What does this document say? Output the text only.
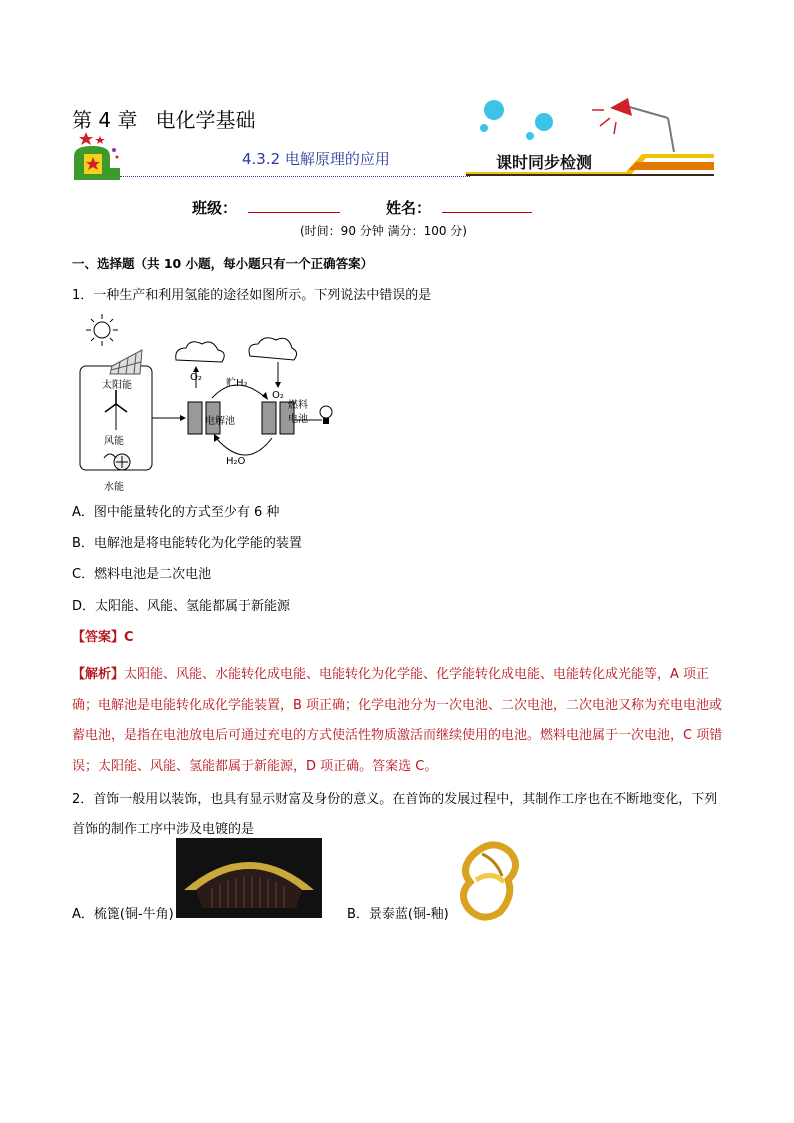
第 4 章 电化学基础
4.3.2 电解原理的应用	课时同步检测
班级：	姓名：
(时间：90 分钟 满分：100 分)
一、选择题（共 10 小题，每小题只有一个正确答案）
1．一种生产和利用氢能的途径如图所示。下列说法中错误的是
太阳能
风能
水能
电解池
燃料
电池
O₂
贮H₂
O₂
H₂O
A．图中能量转化的方式至少有 6 种
B．电解池是将电能转化为化学能的装置
C．燃料电池是二次电池
D．太阳能、风能、氢能都属于新能源
【答案】C
【解析】太阳能、风能、水能转化成电能、电能转化为化学能、化学能转化成电能、电能转化成光能等，A 项正确；电解池是电能转化成化学能装置，B 项正确；化学电池分为一次电池、二次电池，二次电池又称为充电电池或蓄电池，是指在电池放电后可通过充电的方式使活性物质激活而继续使用的电池。燃料电池属于一次电池，C 项错误；太阳能、风能、氢能都属于新能源，D 项正确。答案选 C。
2．首饰一般用以装饰，也具有显示财富及身份的意义。在首饰的发展过程中，其制作工序也在不断地变化，下列首饰的制作工序中涉及电镀的是
A．梳篦(铜-牛角)	B．景泰蓝(铜-釉)
